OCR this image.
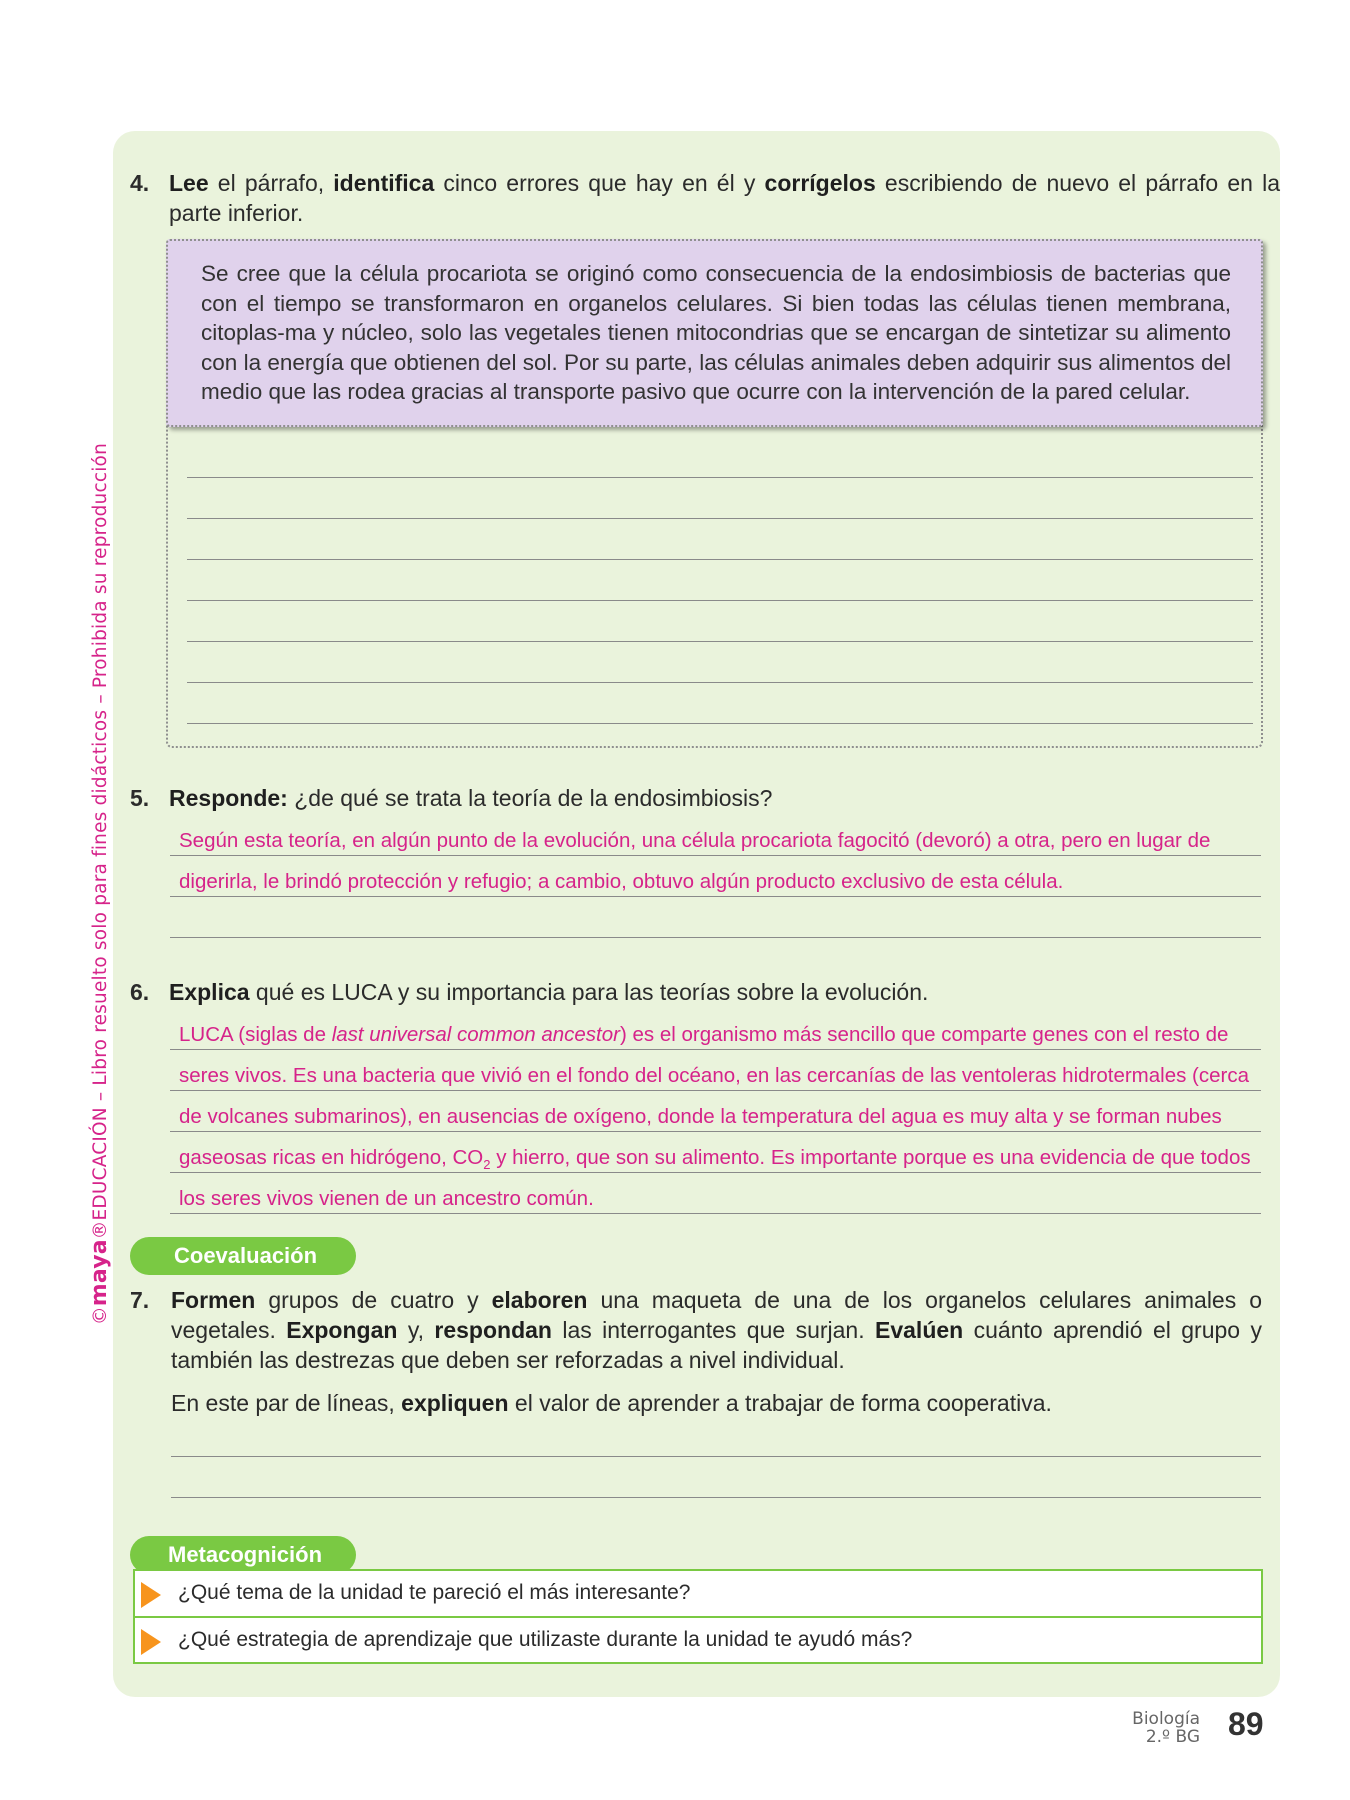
©maya®EDUCACIÓN – Libro resuelto solo para fines didácticos – Prohibida su reproducción
4. Lee el párrafo, identifica cinco errores que hay en él y corrígelos escribiendo de nuevo el párrafo en la parte inferior.

Se cree que la célula procariota se originó como consecuencia de la endosimbiosis de bacterias que con el tiempo se transformaron en organelos celulares. Si bien todas las células tienen membrana, citoplas-ma y núcleo, solo las vegetales tienen mitocondrias que se encargan de sintetizar su alimento con la energía que obtienen del sol. Por su parte, las células animales deben adquirir sus alimentos del medio que las rodea gracias al transporte pasivo que ocurre con la intervención de la pared celular.

5. Responde: ¿de qué se trata la teoría de la endosimbiosis?
Según esta teoría, en algún punto de la evolución, una célula procariota fagocitó (devoró) a otra, pero en lugar de
digerirla, le brindó protección y refugio; a cambio, obtuvo algún producto exclusivo de esta célula.
6. Explica qué es LUCA y su importancia para las teorías sobre la evolución.
LUCA (siglas de last universal common ancestor) es el organismo más sencillo que comparte genes con el resto de
seres vivos. Es una bacteria que vivió en el fondo del océano, en las cercanías de las ventoleras hidrotermales (cerca
de volcanes submarinos), en ausencias de oxígeno, donde la temperatura del agua es muy alta y se forman nubes
gaseosas ricas en hidrógeno, $CO_2$ y hierro, que son su alimento. Es importante porque es una evidencia de que todos
los seres vivos vienen de un ancestro común.
Coevaluación
7. Formen grupos de cuatro y elaboren una maqueta de una de los organelos celulares animales o vegetales. Expongan y, respondan las interrogantes que surjan. Evalúen cuánto aprendió el grupo y también las destrezas que deben ser reforzadas a nivel individual.
En este par de líneas, expliquen el valor de aprender a trabajar de forma cooperativa.
Metacognición
¿Qué tema de la unidad te pareció el más interesante?
¿Qué estrategia de aprendizaje que utilizaste durante la unidad te ayudó más?
Biología
2.º BG 89
